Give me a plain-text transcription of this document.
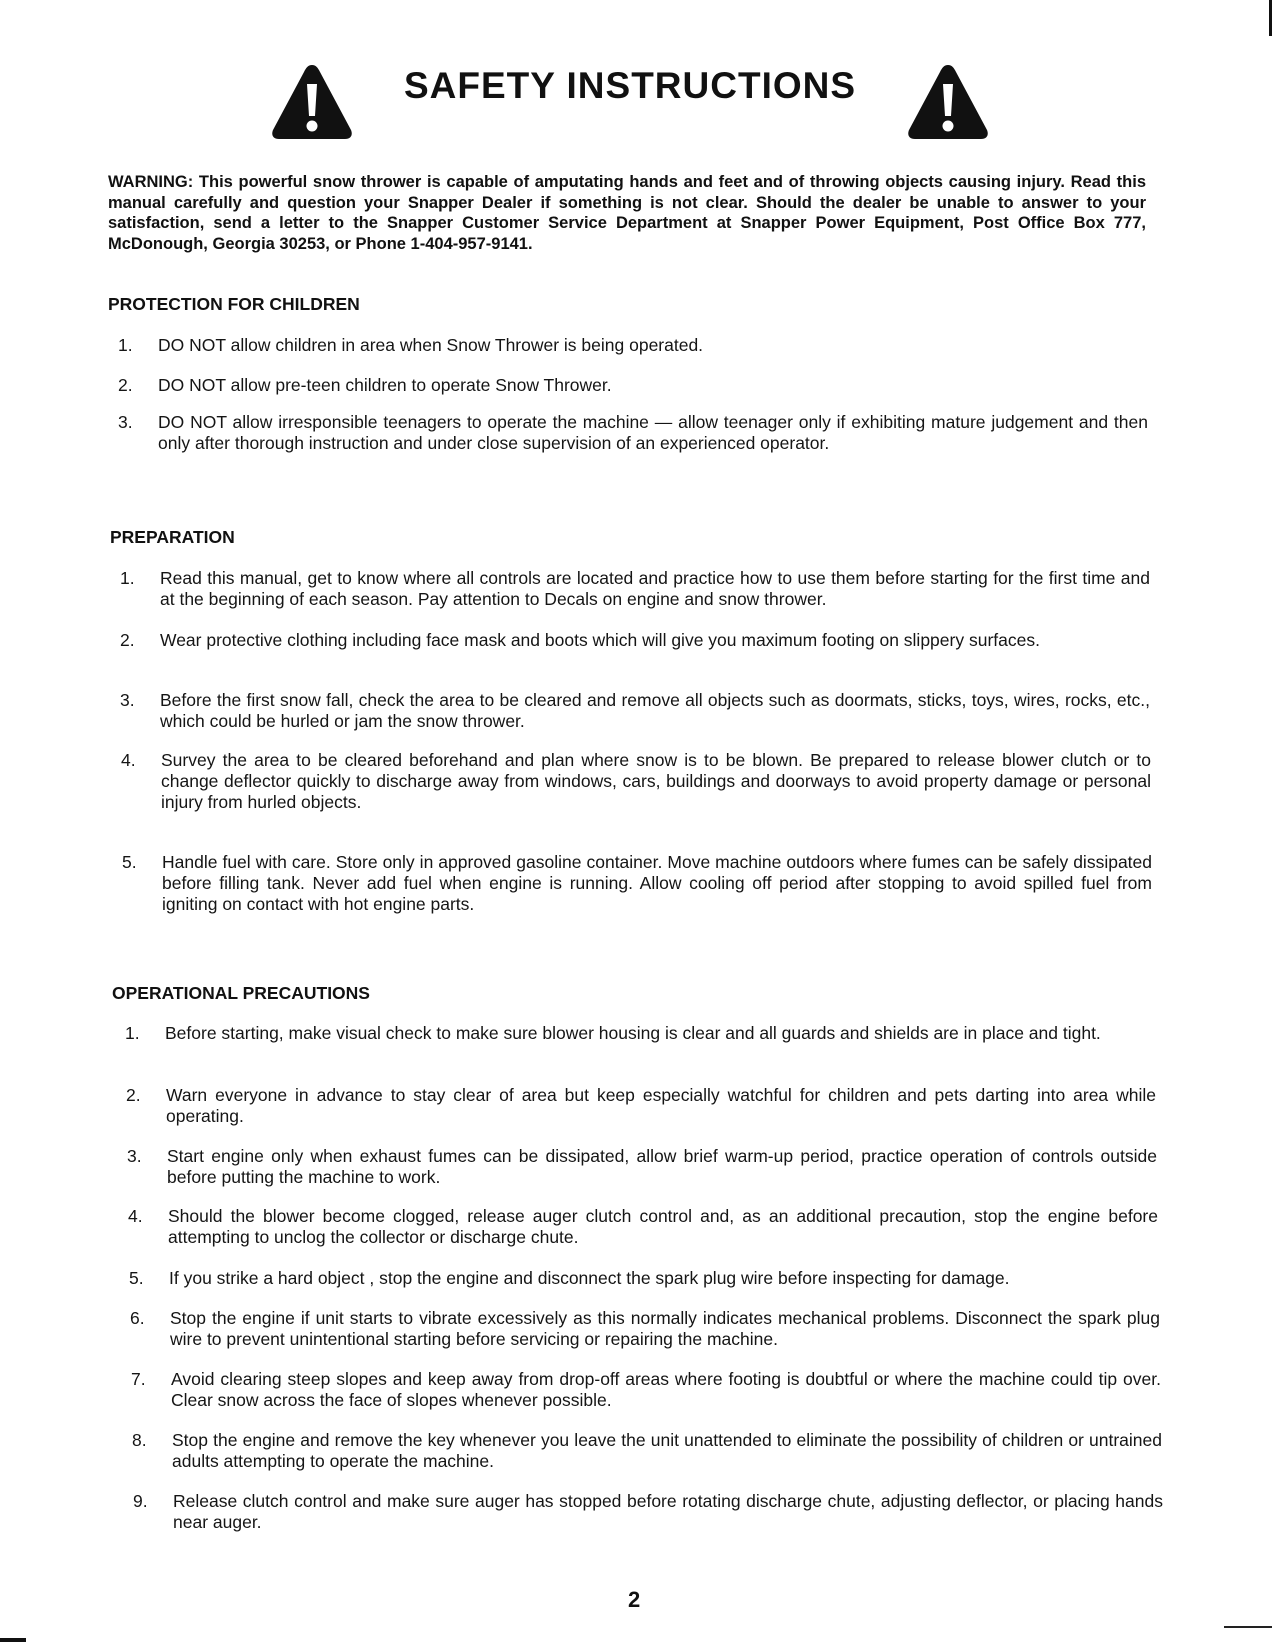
SAFETY INSTRUCTIONS

WARNING: This powerful snow thrower is capable of amputating hands and feet and of throwing objects causing injury. Read this manual carefully and question your Snapper Dealer if something is not clear. Should the dealer be unable to answer to your satisfaction, send a letter to the Snapper Customer Service Department at Snapper Power Equipment, Post Office Box 777, McDonough, Georgia 30253, or Phone 1-404-957-9141.

PROTECTION FOR CHILDREN
1.	DO NOT allow children in area when Snow Thrower is being operated.

2.	DO NOT allow pre-teen children to operate Snow Thrower.

3.	DO NOT allow irresponsible teenagers to operate the machine — allow teenager only if exhibiting mature judgement and then only after thorough instruction and under close supervision of an experienced operator.

PREPARATION
1.	Read this manual, get to know where all controls are located and practice how to use them before starting for the first time and at the beginning of each season. Pay attention to Decals on engine and snow thrower.

2.	Wear protective clothing including face mask and boots which will give you maximum footing on slippery surfaces.

3.	Before the first snow fall, check the area to be cleared and remove all objects such as doormats, sticks, toys, wires, rocks, etc., which could be hurled or jam the snow thrower.

4.	Survey the area to be cleared beforehand and plan where snow is to be blown. Be prepared to release blower clutch or to change deflector quickly to discharge away from windows, cars, buildings and doorways to avoid property damage or personal injury from hurled objects.

5.	Handle fuel with care. Store only in approved gasoline container. Move machine outdoors where fumes can be safely dissipated before filling tank. Never add fuel when engine is running. Allow cooling off period after stopping to avoid spilled fuel from igniting on contact with hot engine parts.

OPERATIONAL PRECAUTIONS
1.	Before starting, make visual check to make sure blower housing is clear and all guards and shields are in place and tight.

2.	Warn everyone in advance to stay clear of area but keep especially watchful for children and pets darting into area while operating.

3.	Start engine only when exhaust fumes can be dissipated, allow brief warm-up period, practice operation of controls outside before putting the machine to work.

4.	Should the blower become clogged, release auger clutch control and, as an additional precaution, stop the engine before attempting to unclog the collector or discharge chute.

5.	If you strike a hard object , stop the engine and disconnect the spark plug wire before inspecting for damage.

6.	Stop the engine if unit starts to vibrate excessively as this normally indicates mechanical problems. Disconnect the spark plug wire to prevent unintentional starting before servicing or repairing the machine.

7.	Avoid clearing steep slopes and keep away from drop-off areas where footing is doubtful or where the machine could tip over. Clear snow across the face of slopes whenever possible.

8.	Stop the engine and remove the key whenever you leave the unit unattended to eliminate the possibility of children or untrained adults attempting to operate the machine.

9.	Release clutch control and make sure auger has stopped before rotating discharge chute, adjusting deflector, or placing hands near auger.

2
